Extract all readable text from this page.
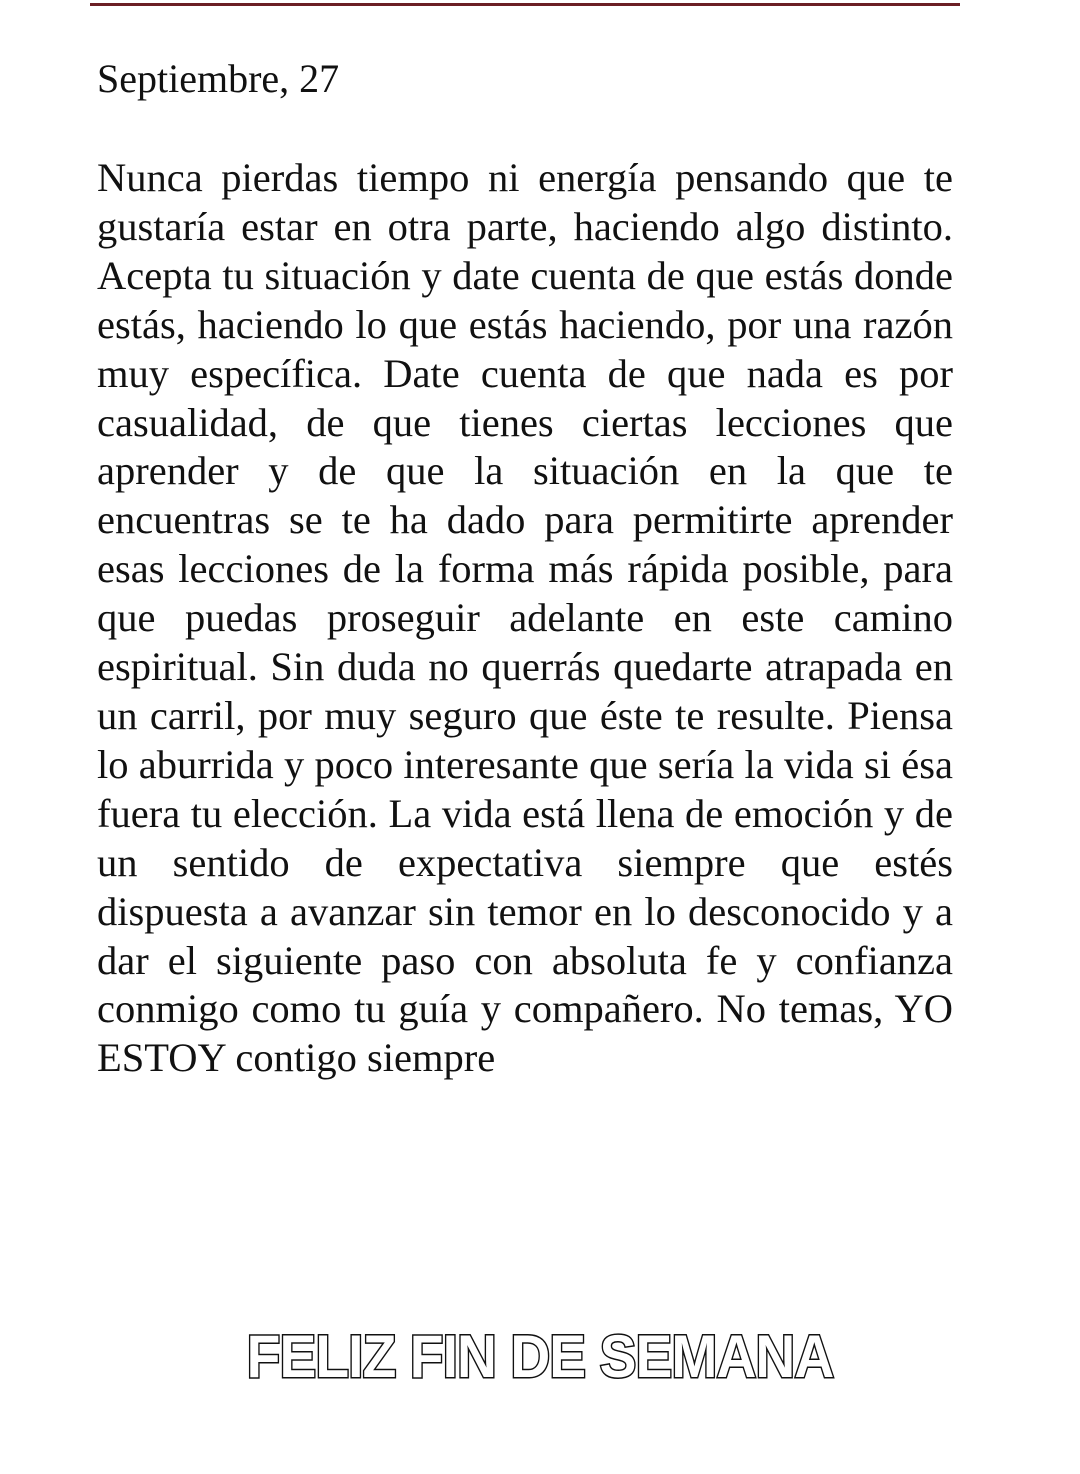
Septiembre, 27

Nunca pierdas tiempo ni energía pensando que te gustaría estar en otra parte, haciendo algo distinto. Acepta tu situación y date cuenta de que estás donde estás, haciendo lo que estás haciendo, por una razón muy específica. Date cuenta de que nada es por casualidad, de que tienes ciertas lecciones que aprender y de que la situación en la que te encuentras se te ha dado para permitirte aprender esas lecciones de la forma más rápida posible, para que puedas proseguir adelante en este camino espiritual. Sin duda no querrás quedarte atrapada en un carril, por muy seguro que éste te resulte. Piensa lo aburrida y poco interesante que sería la vida si ésa fuera tu elección. La vida está llena de emoción y de un sentido de expectativa siempre que estés dispuesta a avanzar sin temor en lo desconocido y a dar el siguiente paso con absoluta fe y confianza conmigo como tu guía y compañero. No temas, YO ESTOY contigo siempre

FELIZ FIN DE SEMANA
